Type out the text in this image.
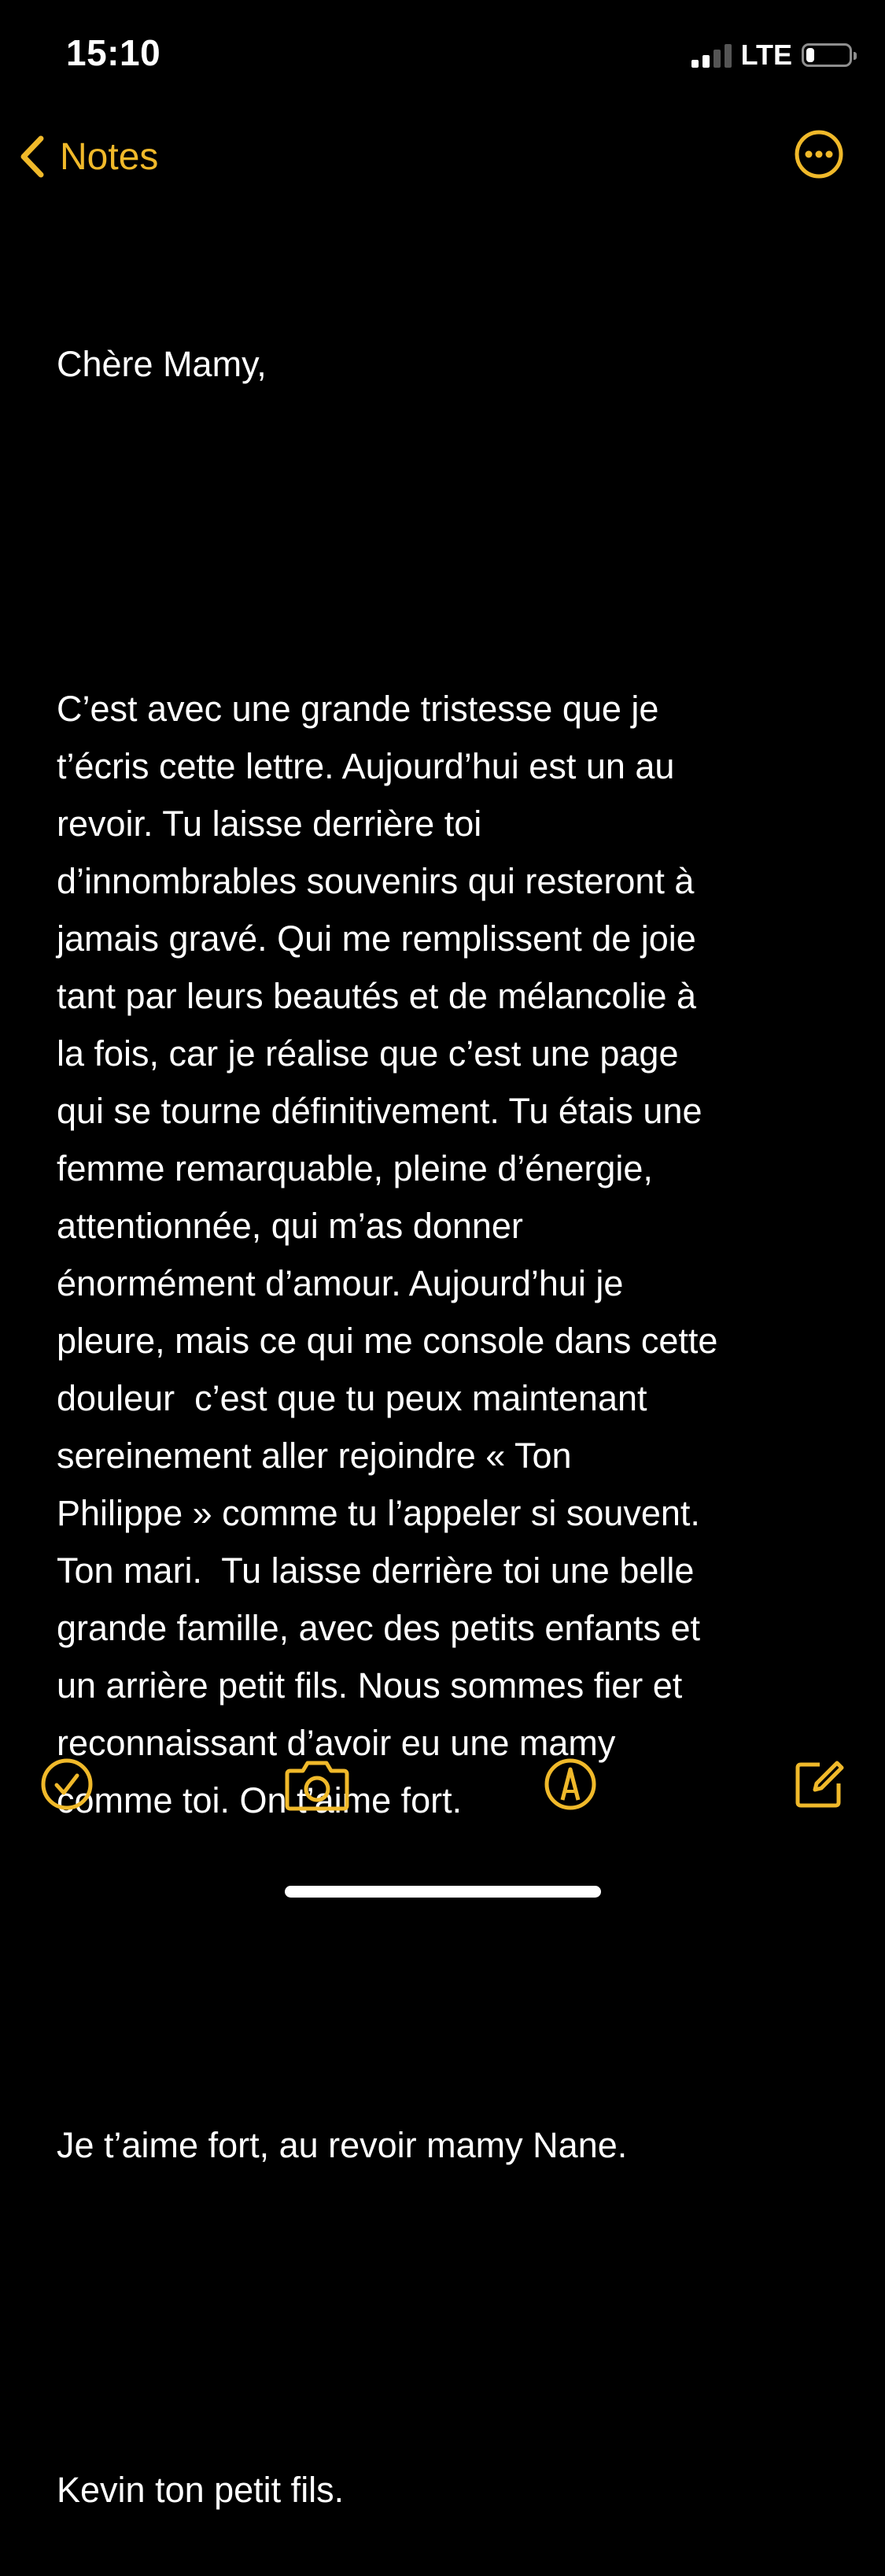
15:10	LTE
Notes

Chère Mamy,

C’est avec une grande tristesse que je

t’écris cette lettre. Aujourd’hui est un au

revoir. Tu laisse derrière toi

d’innombrables souvenirs qui resteront à

jamais gravé. Qui me remplissent de joie

tant par leurs beautés et de mélancolie à

la fois, car je réalise que c’est une page

qui se tourne définitivement. Tu étais une

femme remarquable, pleine d’énergie,

attentionnée, qui m’as donner

énormément d’amour. Aujourd’hui je

pleure, mais ce qui me console dans cette

douleur  c’est que tu peux maintenant

sereinement aller rejoindre « Ton

Philippe » comme tu l’appeler si souvent.

Ton mari.  Tu laisse derrière toi une belle

grande famille, avec des petits enfants et

un arrière petit fils. Nous sommes fier et

reconnaissant d’avoir eu une mamy

comme toi. On t’aime fort.

Je t’aime fort, au revoir mamy Nane.

Kevin ton petit fils.
